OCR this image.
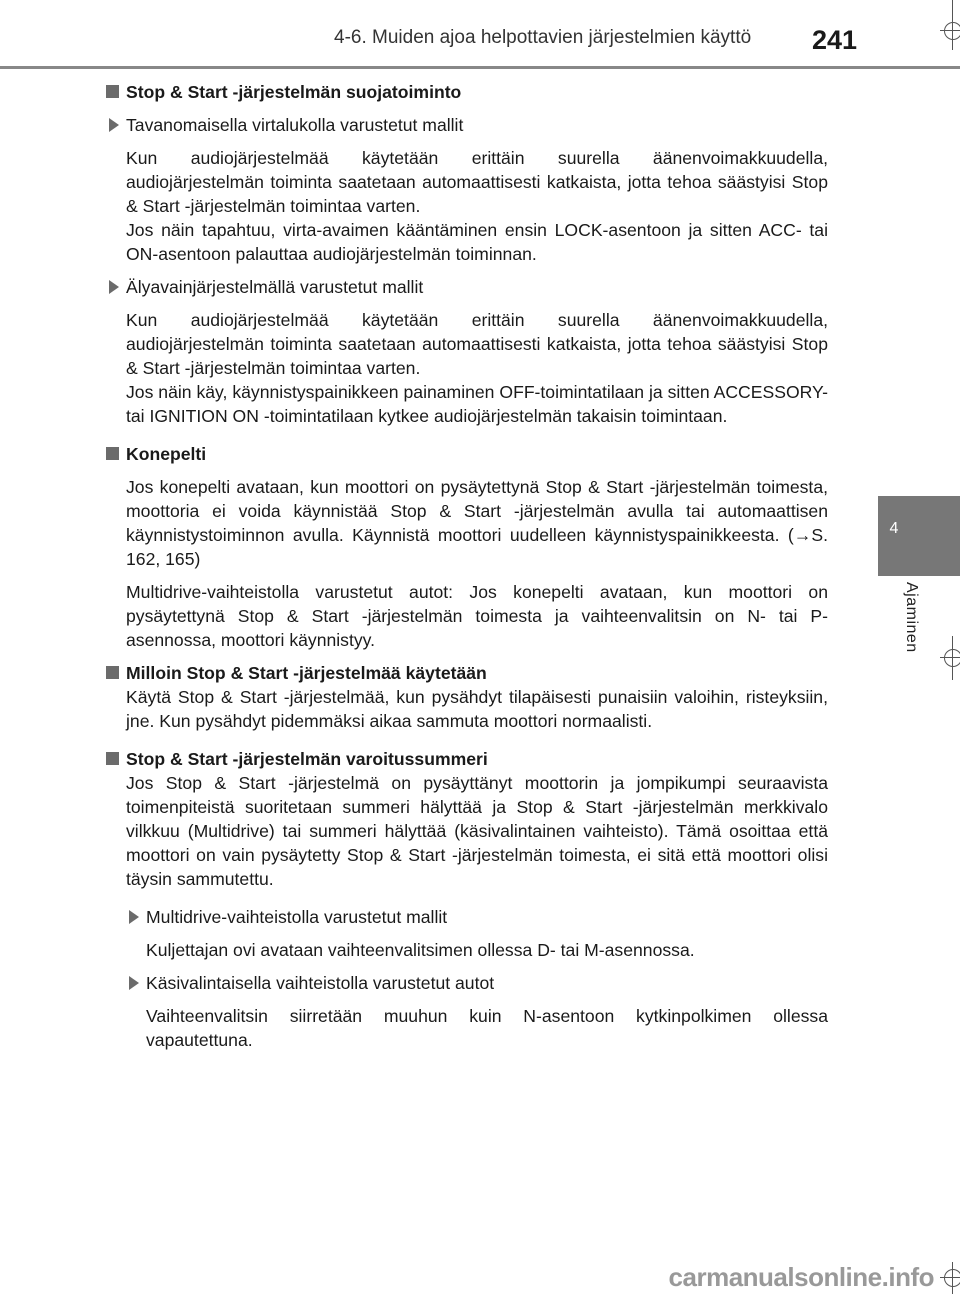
4-6. Muiden ajoa helpottavien järjestelmien käyttö 241
4
Ajaminen
Stop & Start -järjestelmän suojatoiminto
Tavanomaisella virtalukolla varustetut mallit

Kun audiojärjestelmää käytetään erittäin suurella äänenvoimakkuudella, audiojärjestelmän toiminta saatetaan automaattisesti katkaista, jotta tehoa säästyisi Stop & Start -järjestelmän toimintaa varten.

Jos näin tapahtuu, virta-avaimen kääntäminen ensin LOCK-asentoon ja sitten ACC- tai ON-asentoon palauttaa audiojärjestelmän toiminnan.

Älyavainjärjestelmällä varustetut mallit

Kun audiojärjestelmää käytetään erittäin suurella äänenvoimakkuudella, audiojärjestelmän toiminta saatetaan automaattisesti katkaista, jotta tehoa säästyisi Stop & Start -järjestelmän toimintaa varten.

Jos näin käy, käynnistyspainikkeen painaminen OFF-toimintatilaan ja sitten ACCESSORY- tai IGNITION ON -toimintatilaan kytkee audiojärjestelmän takaisin toimintaan.

Konepelti

Jos konepelti avataan, kun moottori on pysäytettynä Stop & Start -järjestelmän toimesta, moottoria ei voida käynnistää Stop & Start -järjestelmän avulla tai automaattisen käynnistystoiminnon avulla. Käynnistä moottori uudelleen käynnistyspainikkeesta. (→S. 162, 165)

Multidrive-vaihteistolla varustetut autot: Jos konepelti avataan, kun moottori on pysäytettynä Stop & Start -järjestelmän toimesta ja vaihteenvalitsin on N- tai P-asennossa, moottori käynnistyy.

Milloin Stop & Start -järjestelmää käytetään

Käytä Stop & Start -järjestelmää, kun pysähdyt tilapäisesti punaisiin valoihin, risteyksiin, jne. Kun pysähdyt pidemmäksi aikaa sammuta moottori normaalisti.

Stop & Start -järjestelmän varoitussummeri

Jos Stop & Start -järjestelmä on pysäyttänyt moottorin ja jompikumpi seuraavista toimenpiteistä suoritetaan summeri hälyttää ja Stop & Start -järjestelmän merkkivalo vilkkuu (Multidrive) tai summeri hälyttää (käsivalintainen vaihteisto). Tämä osoittaa että moottori on vain pysäytetty Stop & Start -järjestelmän toimesta, ei sitä että moottori olisi täysin sammutettu.

Multidrive-vaihteistolla varustetut mallit

Kuljettajan ovi avataan vaihteenvalitsimen ollessa D- tai M-asennossa.

Käsivalintaisella vaihteistolla varustetut autot

Vaihteenvalitsin siirretään muuhun kuin N-asentoon kytkinpolkimen ollessa vapautettuna.

carmanualsonline.info
